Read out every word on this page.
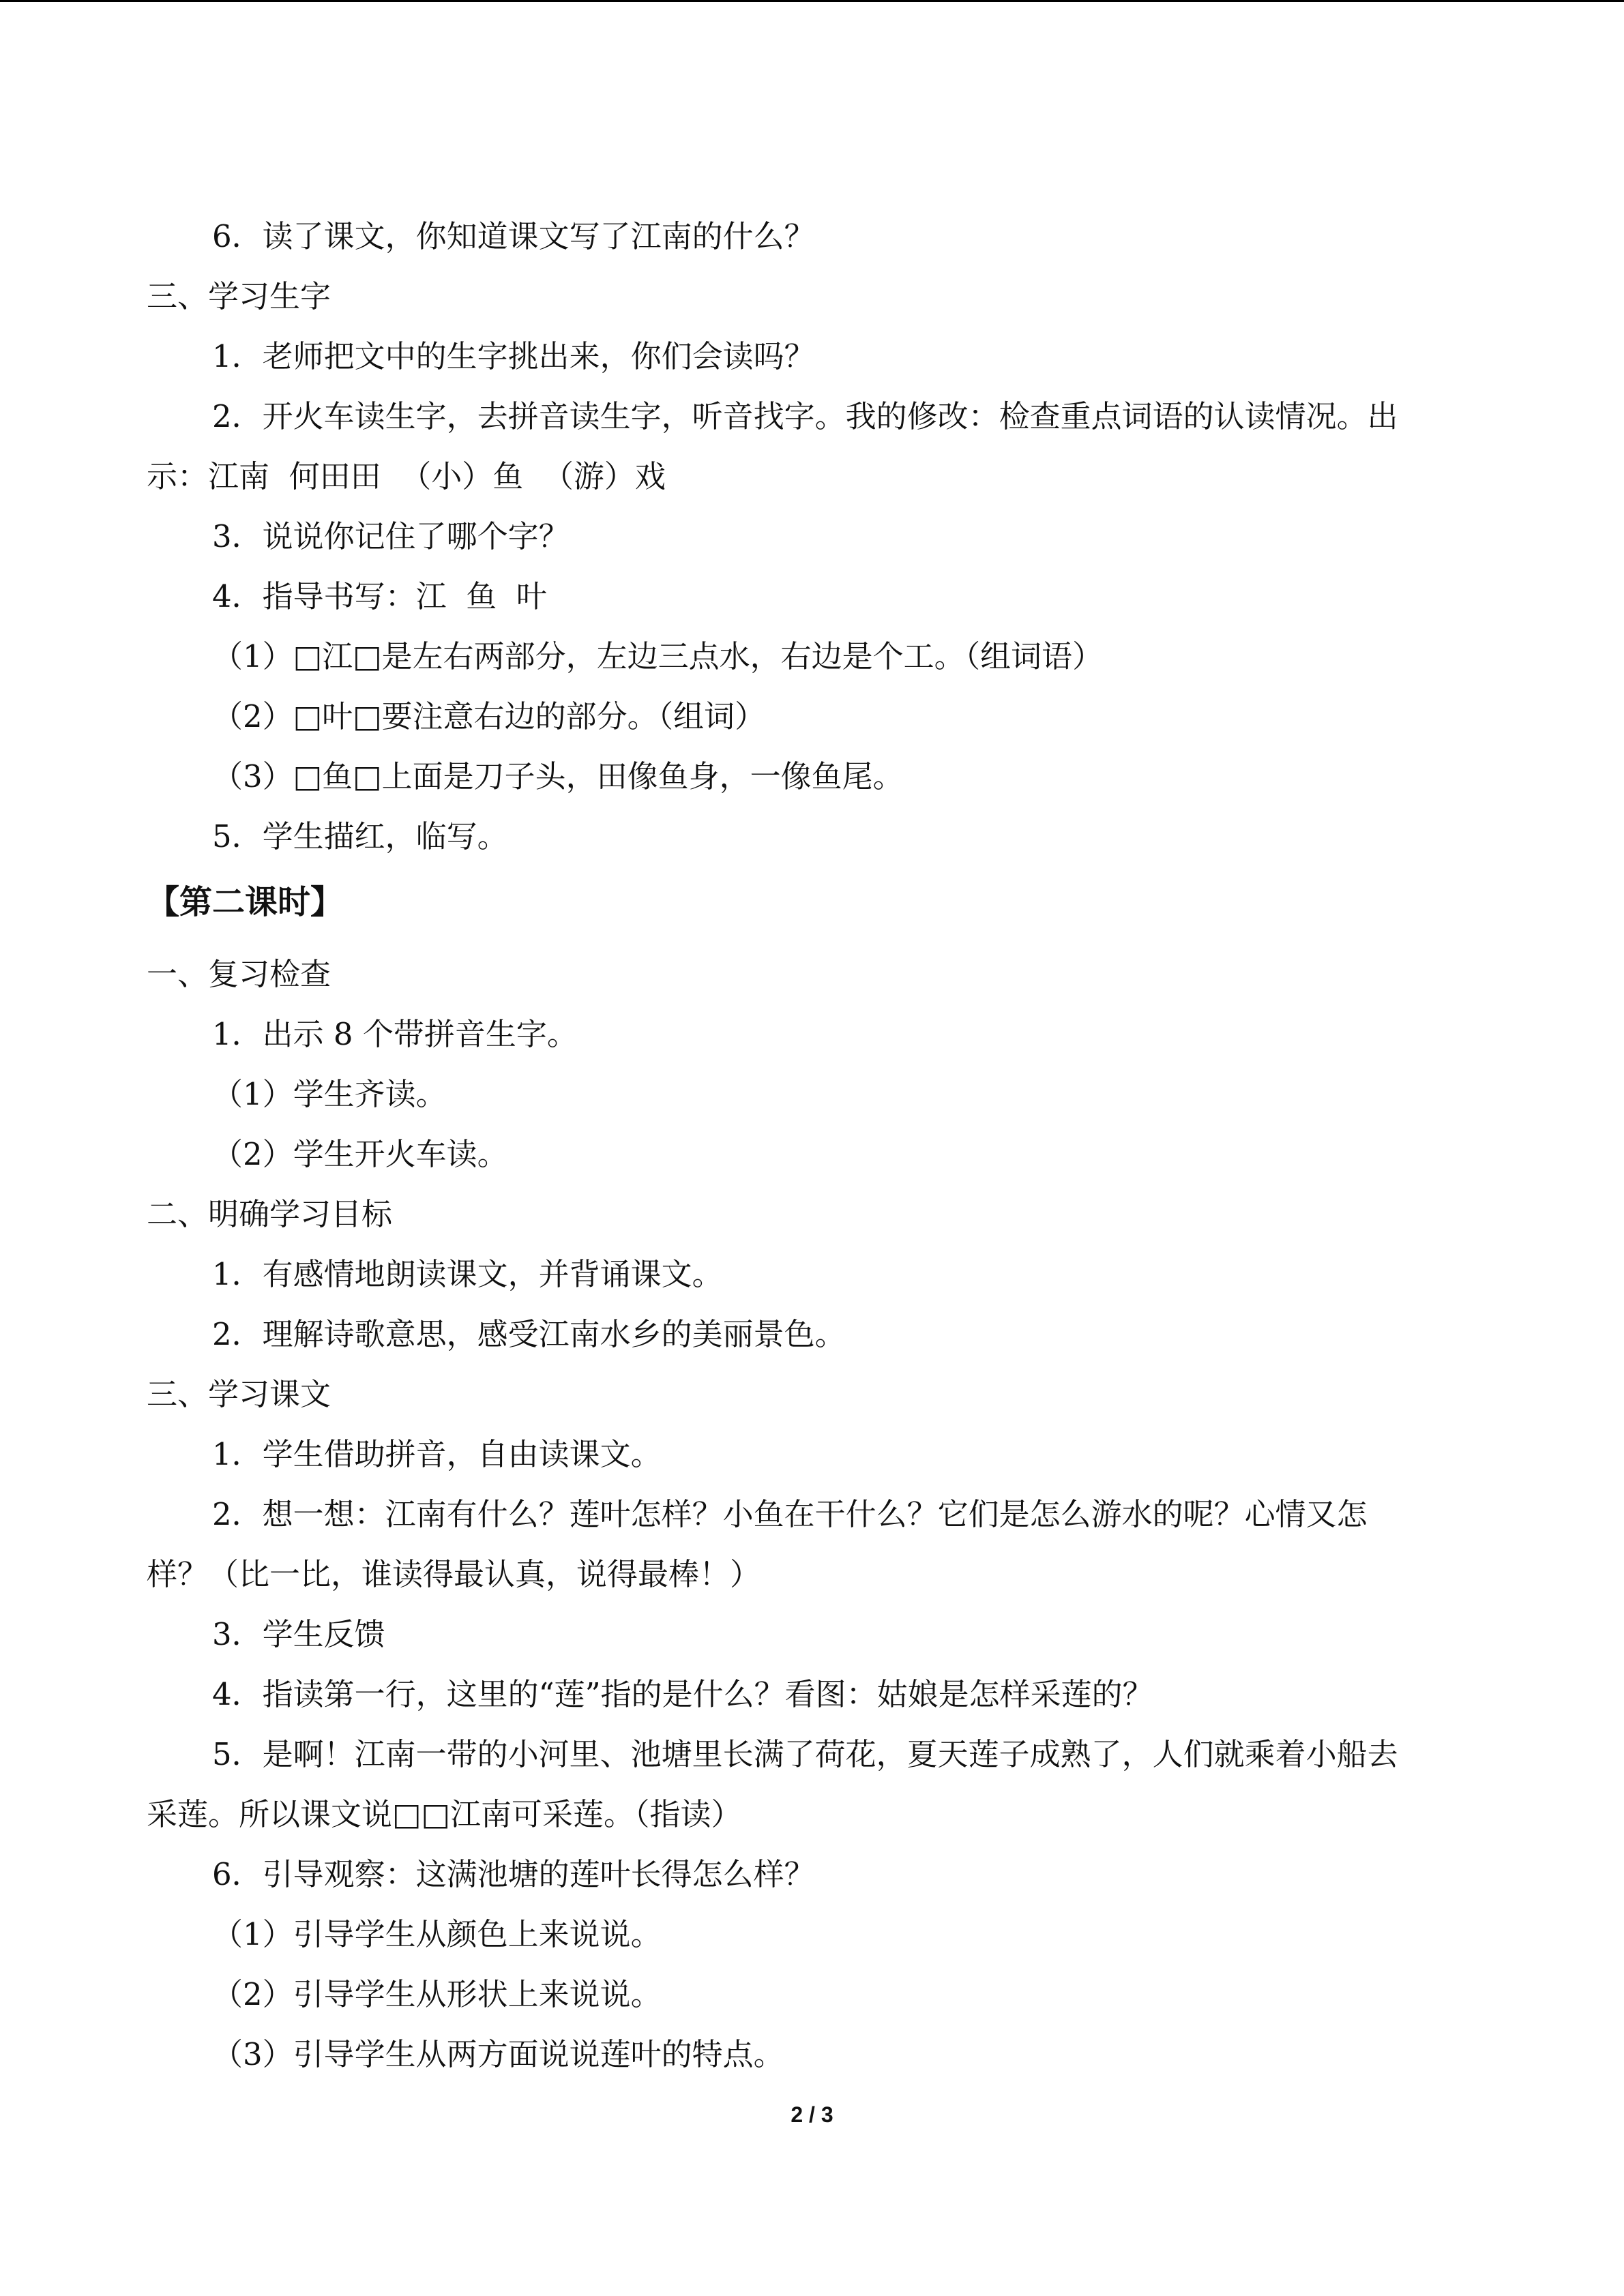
6．读了课文，你知道课文写了江南的什么？

三、学习生字

1．老师把文中的生字挑出来，你们会读吗？

2．开火车读生字，去拼音读生字，听音找字。我的修改：检查重点词语的认读情况。出

示：江南  何田田  （小）鱼  （游）戏

3．说说你记住了哪个字？

4．指导书写：江  鱼  叶

（1）□江□是左右两部分，左边三点水，右边是个工。（组词语）

（2）□叶□要注意右边的部分。（组词）

（3）□鱼□上面是刀子头，田像鱼身，一像鱼尾。

5．学生描红，临写。

【第二课时】

一、复习检查

1．出示 8 个带拼音生字。

（1）学生齐读。

（2）学生开火车读。

二、明确学习目标

1．有感情地朗读课文，并背诵课文。

2．理解诗歌意思，感受江南水乡的美丽景色。

三、学习课文

1．学生借助拼音，自由读课文。

2．想一想：江南有什么？莲叶怎样？小鱼在干什么？它们是怎么游水的呢？心情又怎

样？（比一比，谁读得最认真，说得最棒！）

3．学生反馈

4．指读第一行，这里的“莲”指的是什么？看图：姑娘是怎样采莲的？

5．是啊！江南一带的小河里、池塘里长满了荷花，夏天莲子成熟了，人们就乘着小船去

采莲。所以课文说□□江南可采莲。（指读）

6．引导观察：这满池塘的莲叶长得怎么样？

（1）引导学生从颜色上来说说。

（2）引导学生从形状上来说说。

（3）引导学生从两方面说说莲叶的特点。

2 / 3
